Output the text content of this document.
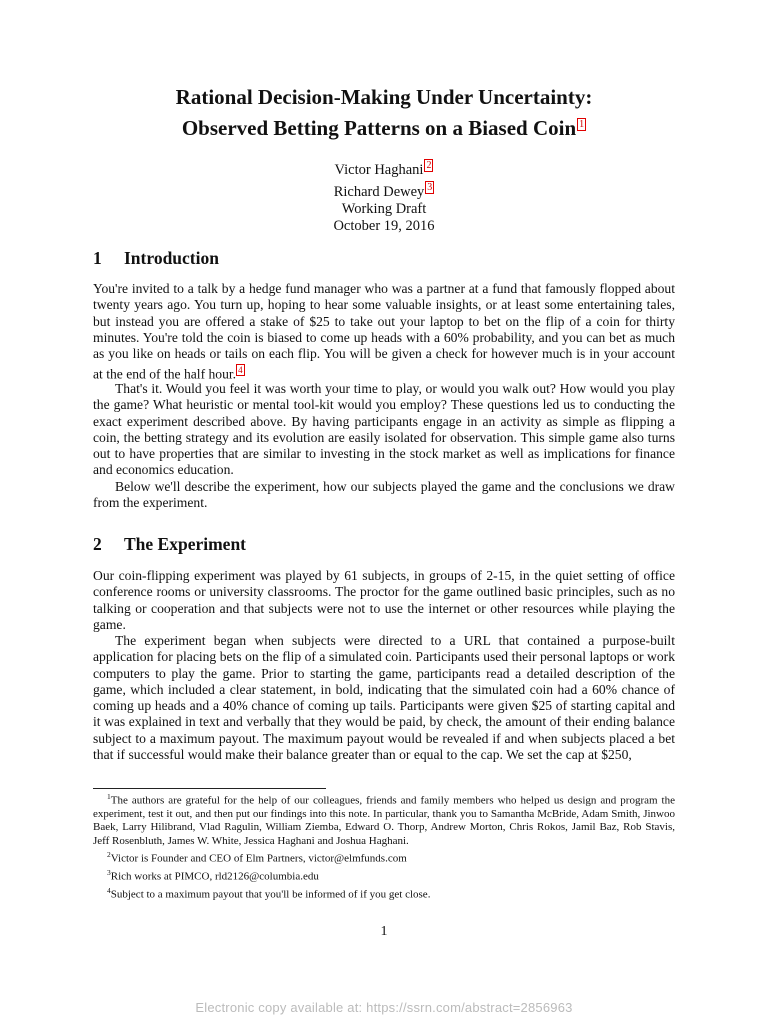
Rational Decision-Making Under Uncertainty:
Observed Betting Patterns on a Biased Coin $^1$
Victor Haghani $^2$
Richard Dewey $^3$
Working Draft
October 19, 2016
1 Introduction

You're invited to a talk by a hedge fund manager who was a partner at a fund that famously flopped about twenty years ago. You turn up, hoping to hear some valuable insights, or at least some entertaining tales, but instead you are offered a stake of $25 to take out your laptop to bet on the flip of a coin for thirty minutes. You're told the coin is biased to come up heads with a 60% probability, and you can bet as much as you like on heads or tails on each flip. You will be given a check for however much is in your account at the end of the half hour. $^4$

That's it. Would you feel it was worth your time to play, or would you walk out? How would you play the game? What heuristic or mental tool-kit would you employ? These questions led us to conducting the exact experiment described above. By having participants engage in an activity as simple as flipping a coin, the betting strategy and its evolution are easily isolated for observation. This simple game also turns out to have properties that are similar to investing in the stock market as well as implications for finance and economics education.

Below we'll describe the experiment, how our subjects played the game and the conclusions we draw from the experiment.

2 The Experiment

Our coin-flipping experiment was played by 61 subjects, in groups of 2-15, in the quiet setting of office conference rooms or university classrooms. The proctor for the game outlined basic principles, such as no talking or cooperation and that subjects were not to use the internet or other resources while playing the game.

The experiment began when subjects were directed to a URL that contained a purpose-built application for placing bets on the flip of a simulated coin. Participants used their personal laptops or work computers to play the game. Prior to starting the game, participants read a detailed description of the game, which included a clear statement, in bold, indicating that the simulated coin had a 60% chance of coming up heads and a 40% chance of coming up tails. Participants were given $25 of starting capital and it was explained in text and verbally that they would be paid, by check, the amount of their ending balance subject to a maximum payout. The maximum payout would be revealed if and when subjects placed a bet that if successful would make their balance greater than or equal to the cap. We set the cap at $250,

$^1$The authors are grateful for the help of our colleagues, friends and family members who helped us design and program the experiment, test it out, and then put our findings into this note. In particular, thank you to Samantha McBride, Adam Smith, Jinwoo Baek, Larry Hilibrand, Vlad Ragulin, William Ziemba, Edward O. Thorp, Andrew Morton, Chris Rokos, Jamil Baz, Rob Stavis, Jeff Rosenbluth, James W. White, Jessica Haghani and Joshua Haghani.

$^2$Victor is Founder and CEO of Elm Partners, victor@elmfunds.com

$^3$Rich works at PIMCO, rld2126@columbia.edu

$^4$Subject to a maximum payout that you'll be informed of if you get close.

1
Electronic copy available at: https://ssrn.com/abstract=2856963
